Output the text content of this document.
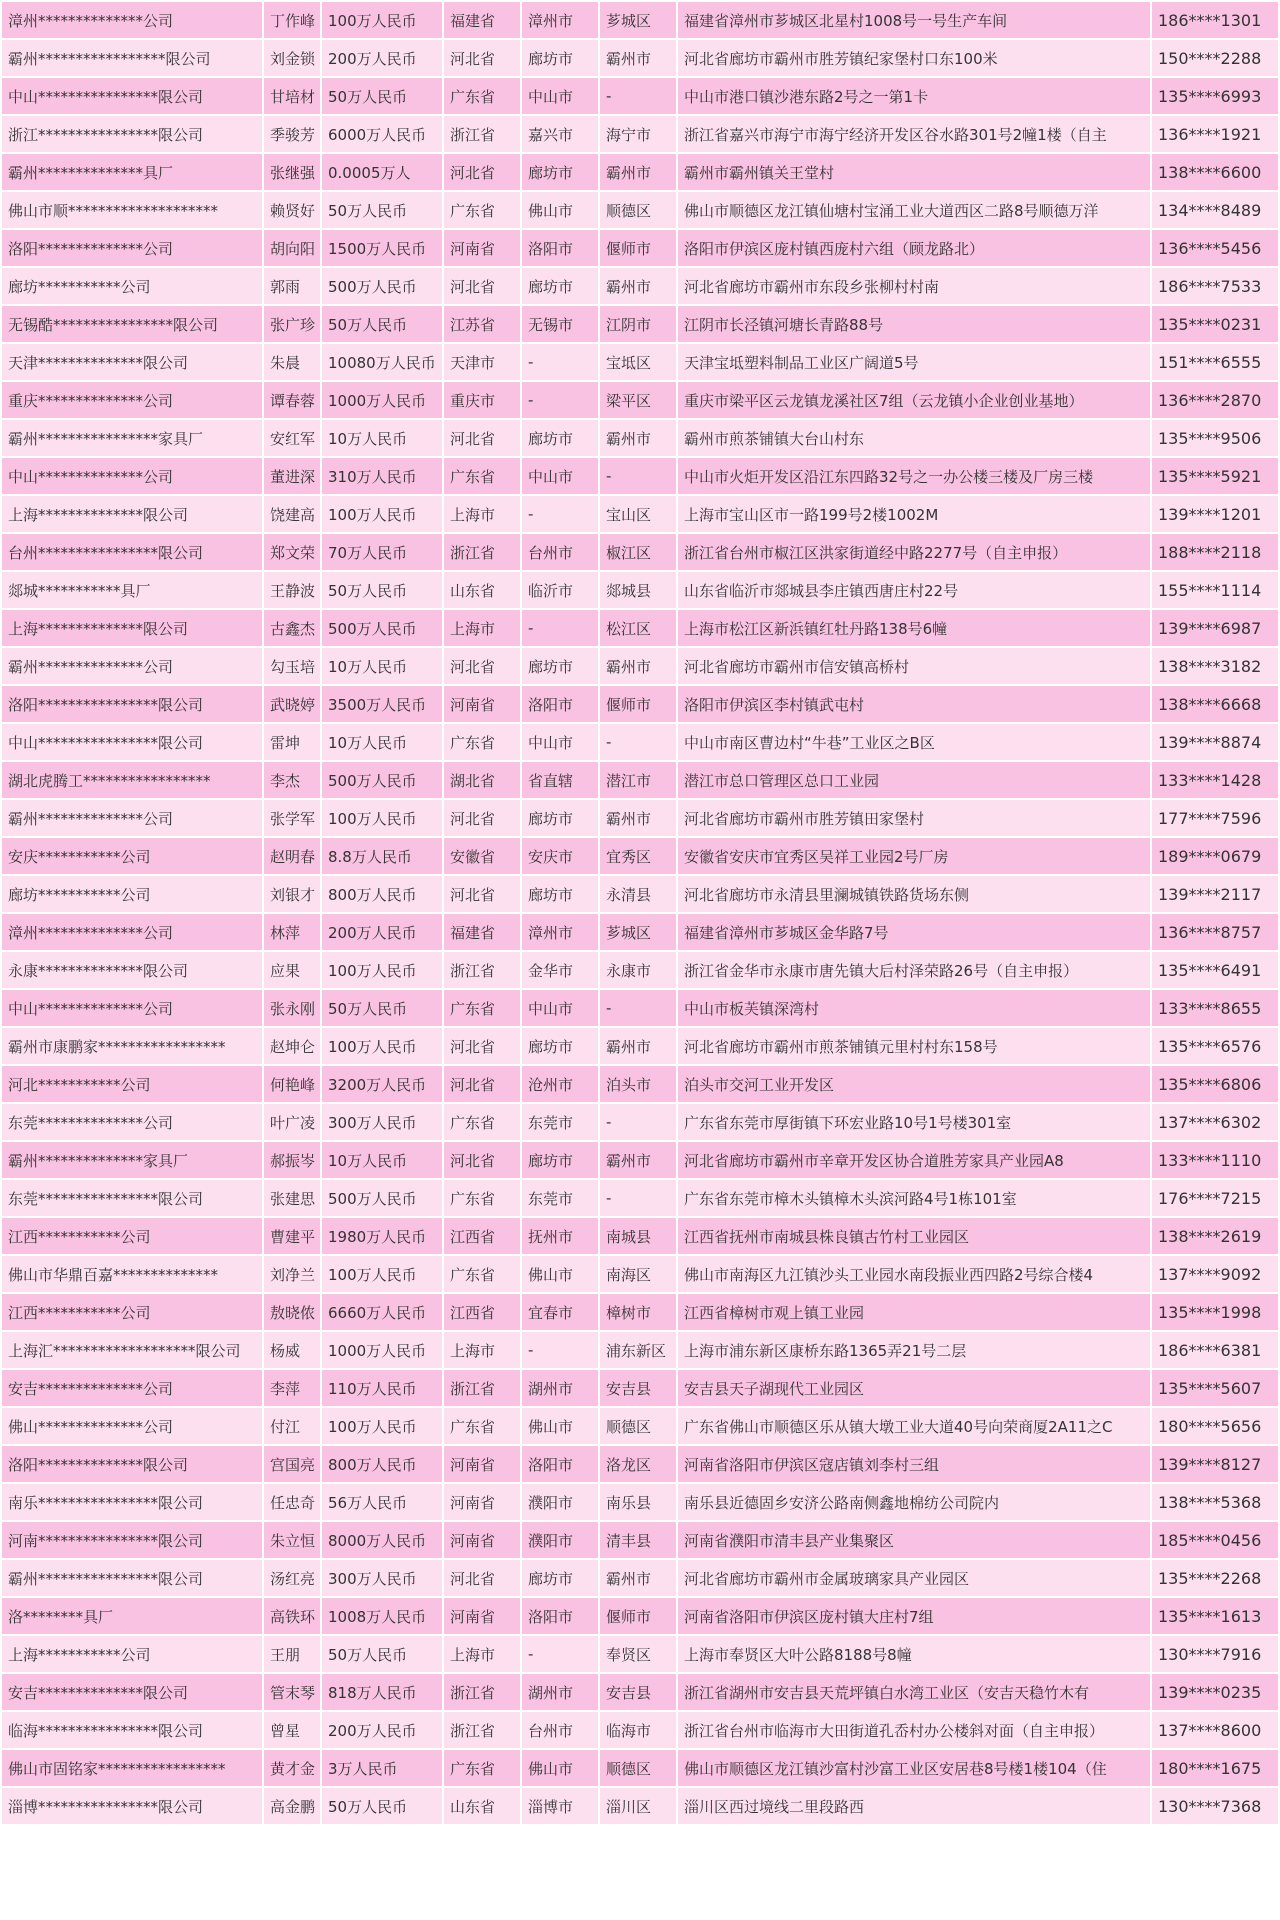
漳州**************公司	丁作峰	100万人民币	福建省	漳州市	芗城区	福建省漳州市芗城区北星村1008号一号生产车间	186****1301
霸州*****************限公司	刘金锁	200万人民币	河北省	廊坊市	霸州市	河北省廊坊市霸州市胜芳镇纪家堡村口东100米	150****2288
中山****************限公司	甘培材	50万人民币	广东省	中山市	-	中山市港口镇沙港东路2号之一第1卡	135****6993
浙江****************限公司	季骏芳	6000万人民币	浙江省	嘉兴市	海宁市	浙江省嘉兴市海宁市海宁经济开发区谷水路301号2幢1楼（自主	136****1921
霸州**************具厂	张继强	0.0005万人	河北省	廊坊市	霸州市	霸州市霸州镇关王堂村	138****6600
佛山市顺********************	赖贤好	50万人民币	广东省	佛山市	顺德区	佛山市顺德区龙江镇仙塘村宝涌工业大道西区二路8号顺德万洋	134****8489
洛阳**************公司	胡向阳	1500万人民币	河南省	洛阳市	偃师市	洛阳市伊滨区庞村镇西庞村六组（顾龙路北）	136****5456
廊坊***********公司	郭雨	500万人民币	河北省	廊坊市	霸州市	河北省廊坊市霸州市东段乡张柳村村南	186****7533
无锡酷****************限公司	张广珍	50万人民币	江苏省	无锡市	江阴市	江阴市长泾镇河塘长青路88号	135****0231
天津**************限公司	朱晨	10080万人民币	天津市	-	宝坻区	天津宝坻塑料制品工业区广阔道5号	151****6555
重庆**************公司	谭春蓉	1000万人民币	重庆市	-	梁平区	重庆市梁平区云龙镇龙溪社区7组（云龙镇小企业创业基地）	136****2870
霸州****************家具厂	安红军	10万人民币	河北省	廊坊市	霸州市	霸州市煎茶铺镇大台山村东	135****9506
中山**************公司	董进深	310万人民币	广东省	中山市	-	中山市火炬开发区沿江东四路32号之一办公楼三楼及厂房三楼	135****5921
上海**************限公司	饶建高	100万人民币	上海市	-	宝山区	上海市宝山区市一路199号2楼1002M	139****1201
台州****************限公司	郑文荣	70万人民币	浙江省	台州市	椒江区	浙江省台州市椒江区洪家街道经中路2277号（自主申报）	188****2118
郯城***********具厂	王静波	50万人民币	山东省	临沂市	郯城县	山东省临沂市郯城县李庄镇西唐庄村22号	155****1114
上海**************限公司	古鑫杰	500万人民币	上海市	-	松江区	上海市松江区新浜镇红牡丹路138号6幢	139****6987
霸州**************公司	勾玉培	10万人民币	河北省	廊坊市	霸州市	河北省廊坊市霸州市信安镇高桥村	138****3182
洛阳****************限公司	武晓婷	3500万人民币	河南省	洛阳市	偃师市	洛阳市伊滨区李村镇武屯村	138****6668
中山****************限公司	雷坤	10万人民币	广东省	中山市	-	中山市南区曹边村“牛巷”工业区之B区	139****8874
湖北虎腾工*****************	李杰	500万人民币	湖北省	省直辖	潜江市	潜江市总口管理区总口工业园	133****1428
霸州**************公司	张学军	100万人民币	河北省	廊坊市	霸州市	河北省廊坊市霸州市胜芳镇田家堡村	177****7596
安庆***********公司	赵明春	8.8万人民币	安徽省	安庆市	宜秀区	安徽省安庆市宜秀区吴祥工业园2号厂房	189****0679
廊坊***********公司	刘银才	800万人民币	河北省	廊坊市	永清县	河北省廊坊市永清县里澜城镇铁路货场东侧	139****2117
漳州**************公司	林萍	200万人民币	福建省	漳州市	芗城区	福建省漳州市芗城区金华路7号	136****8757
永康**************限公司	应果	100万人民币	浙江省	金华市	永康市	浙江省金华市永康市唐先镇大后村泽荣路26号（自主申报）	135****6491
中山**************公司	张永刚	50万人民币	广东省	中山市	-	中山市板芙镇深湾村	133****8655
霸州市康鹏家*****************	赵坤仑	100万人民币	河北省	廊坊市	霸州市	河北省廊坊市霸州市煎茶铺镇元里村村东158号	135****6576
河北***********公司	何艳峰	3200万人民币	河北省	沧州市	泊头市	泊头市交河工业开发区	135****6806
东莞**************公司	叶广凌	300万人民币	广东省	东莞市	-	广东省东莞市厚街镇下环宏业路10号1号楼301室	137****6302
霸州**************家具厂	郝振岑	10万人民币	河北省	廊坊市	霸州市	河北省廊坊市霸州市辛章开发区协合道胜芳家具产业园A8	133****1110
东莞****************限公司	张建思	500万人民币	广东省	东莞市	-	广东省东莞市樟木头镇樟木头滨河路4号1栋101室	176****7215
江西***********公司	曹建平	1980万人民币	江西省	抚州市	南城县	江西省抚州市南城县株良镇古竹村工业园区	138****2619
佛山市华鼎百嘉**************	刘净兰	100万人民币	广东省	佛山市	南海区	佛山市南海区九江镇沙头工业园水南段振业西四路2号综合楼4	137****9092
江西***********公司	敖晓侬	6660万人民币	江西省	宜春市	樟树市	江西省樟树市观上镇工业园	135****1998
上海汇*******************限公司	杨威	1000万人民币	上海市	-	浦东新区	上海市浦东新区康桥东路1365弄21号二层	186****6381
安吉**************公司	李萍	110万人民币	浙江省	湖州市	安吉县	安吉县天子湖现代工业园区	135****5607
佛山**************公司	付江	100万人民币	广东省	佛山市	顺德区	广东省佛山市顺德区乐从镇大墩工业大道40号向荣商厦2A11之C	180****5656
洛阳**************限公司	宫国亮	800万人民币	河南省	洛阳市	洛龙区	河南省洛阳市伊滨区寇店镇刘李村三组	139****8127
南乐****************限公司	任忠奇	56万人民币	河南省	濮阳市	南乐县	南乐县近德固乡安济公路南侧鑫地棉纺公司院内	138****5368
河南****************限公司	朱立恒	8000万人民币	河南省	濮阳市	清丰县	河南省濮阳市清丰县产业集聚区	185****0456
霸州****************限公司	汤红亮	300万人民币	河北省	廊坊市	霸州市	河北省廊坊市霸州市金属玻璃家具产业园区	135****2268
洛********具厂	高铁环	1008万人民币	河南省	洛阳市	偃师市	河南省洛阳市伊滨区庞村镇大庄村7组	135****1613
上海***********公司	王朋	50万人民币	上海市	-	奉贤区	上海市奉贤区大叶公路8188号8幢	130****7916
安吉**************限公司	管末琴	818万人民币	浙江省	湖州市	安吉县	浙江省湖州市安吉县天荒坪镇白水湾工业区（安吉天稳竹木有	139****0235
临海****************限公司	曾星	200万人民币	浙江省	台州市	临海市	浙江省台州市临海市大田街道孔岙村办公楼斜对面（自主申报）	137****8600
佛山市固铭家*****************	黄才金	3万人民币	广东省	佛山市	顺德区	佛山市顺德区龙江镇沙富村沙富工业区安居巷8号楼1楼104（住	180****1675
淄博****************限公司	高金鹏	50万人民币	山东省	淄博市	淄川区	淄川区西过境线二里段路西	130****7368
